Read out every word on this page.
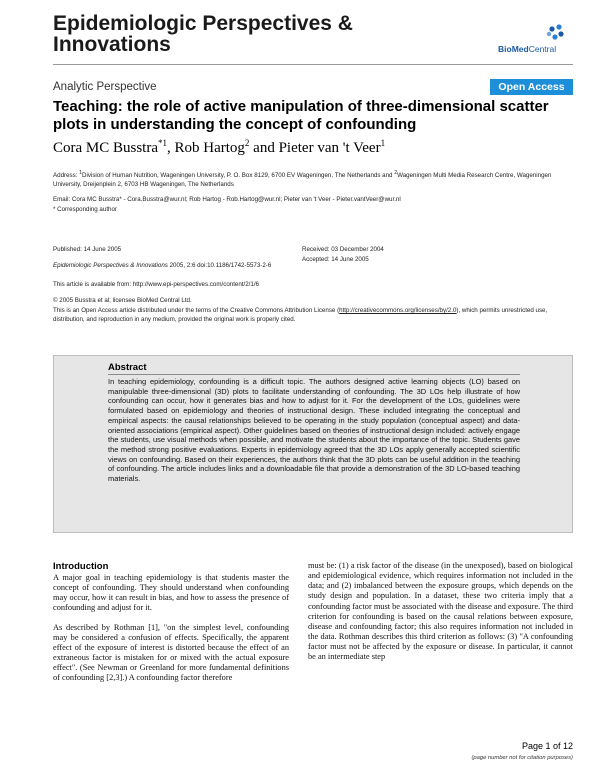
Epidemiologic Perspectives & Innovations	BioMedCentral
Analytic Perspective	Open Access
Teaching: the role of active manipulation of three-dimensional scatter plots in understanding the concept of confounding
Cora MC Busstra$^{*1}$, Rob Hartog$^2$ and Pieter van 't Veer$^1$
Address: $^1$Division of Human Nutrition, Wageningen University, P. O. Box 8129, 6700 EV Wageningen, The Netherlands and $^2$Wageningen Multi Media Research Centre, Wageningen University, Dreijenplein 2, 6703 HB Wageningen, The Netherlands
Email: Cora MC Busstra* - Cora.Busstra@wur.nl; Rob Hartog - Rob.Hartog@wur.nl; Pieter van 't Veer - Pieter.vantVeer@wur.nl
* Corresponding author
Published: 14 June 2005
Epidemiologic Perspectives & Innovations 2005, 2:6 doi:10.1186/1742-5573-2-6
Received: 03 December 2004
Accepted: 14 June 2005
This article is available from: http://www.epi-perspectives.com/content/2/1/6
© 2005 Busstra et al; licensee BioMed Central Ltd.
This is an Open Access article distributed under the terms of the Creative Commons Attribution License (http://creativecommons.org/licenses/by/2.0), which permits unrestricted use, distribution, and reproduction in any medium, provided the original work is properly cited.
Abstract
In teaching epidemiology, confounding is a difficult topic. The authors designed active learning objects (LO) based on manipulable three-dimensional (3D) plots to facilitate understanding of confounding. The 3D LOs help illustrate of how confounding can occur, how it generates bias and how to adjust for it. For the development of the LOs, guidelines were formulated based on epidemiology and theories of instructional design. These included integrating the conceptual and empirical aspects: the causal relationships believed to be operating in the study population (conceptual aspect) and data-oriented associations (empirical aspect). Other guidelines based on theories of instructional design included: actively engage the students, use visual methods when possible, and motivate the students about the importance of the topic. Students gave the method strong positive evaluations. Experts in epidemiology agreed that the 3D LOs apply generally accepted scientific views on confounding. Based on their experiences, the authors think that the 3D plots can be useful addition in the teaching of confounding. The article includes links and a downloadable file that provide a demonstration of the 3D LO-based teaching materials.
Introduction

A major goal in teaching epidemiology is that students master the concept of confounding. They should understand when confounding may occur, how it can result in bias, and how to assess the presence of confounding and adjust for it.

As described by Rothman [1], "on the simplest level, confounding may be considered a confusion of effects. Specifically, the apparent effect of the exposure of interest is distorted because the effect of an extraneous factor is mistaken for or mixed with the actual exposure effect". (See Newman or Greenland for more fundamental definitions of confounding [2,3].) A confounding factor therefore

must be: (1) a risk factor of the disease (in the unexposed), based on biological and epidemiological evidence, which requires information not included in the data; and (2) imbalanced between the exposure groups, which depends on the study design and population. In a dataset, these two criteria imply that a confounding factor must be associated with the disease and exposure. The third criterion for confounding is based on the causal relations between exposure, disease and confounding factor; this also requires information not included in the data. Rothman describes this third criterion as follows: (3) "A confounding factor must not be affected by the exposure or disease. In particular, it cannot be an intermediate step

Page 1 of 12
(page number not for citation purposes)
